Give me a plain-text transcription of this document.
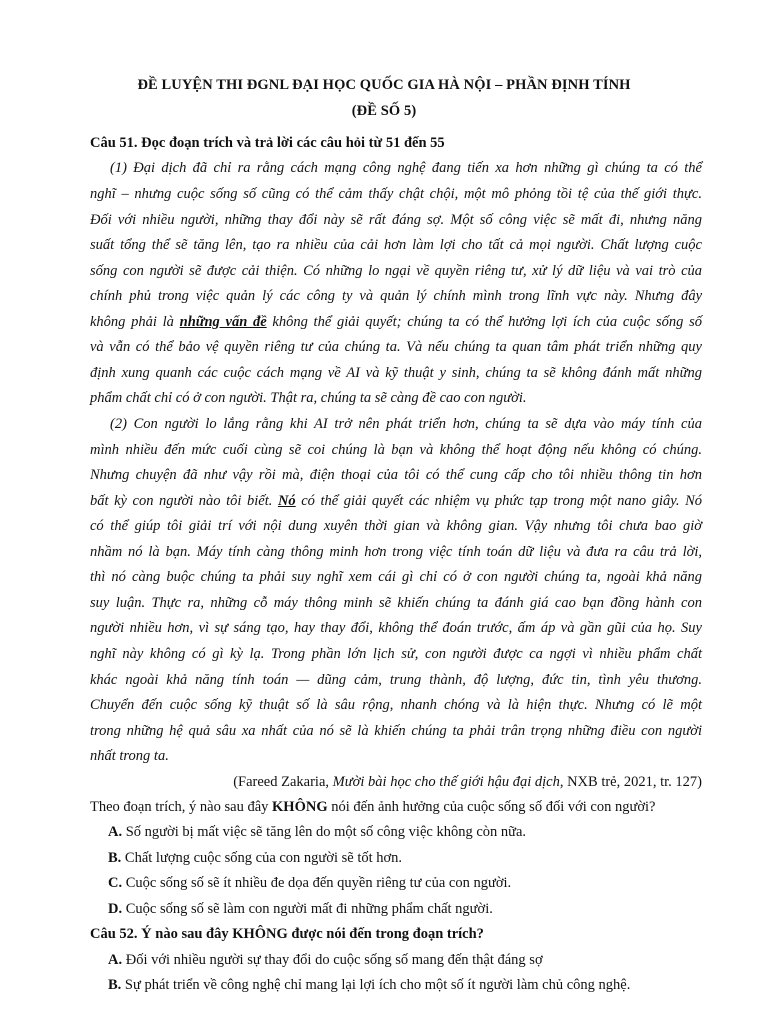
ĐỀ LUYỆN THI ĐGNL ĐẠI HỌC QUỐC GIA HÀ NỘI – PHẦN ĐỊNH TÍNH
(ĐỀ SỐ 5)
Câu 51. Đọc đoạn trích và trả lời các câu hỏi từ 51 đến 55
(1) Đại dịch đã chỉ ra rằng cách mạng công nghệ đang tiến xa hơn những gì chúng ta có thể
nghĩ – nhưng cuộc sống số cũng có thể cảm thấy chật chội, một mô phỏng tồi tệ của thế giới thực.
Đối với nhiều người, những thay đổi này sẽ rất đáng sợ. Một số công việc sẽ mất đi, nhưng năng
suất tổng thể sẽ tăng lên, tạo ra nhiều của cải hơn làm lợi cho tất cả mọi người. Chất lượng cuộc
sống con người sẽ được cải thiện. Có những lo ngại về quyền riêng tư, xử lý dữ liệu và vai trò của
chính phủ trong việc quản lý các công ty và quản lý chính mình trong lĩnh vực này. Nhưng đây
không phải là những vấn đề không thể giải quyết; chúng ta có thể hưởng lợi ích của cuộc sống số
và vẫn có thể bảo vệ quyền riêng tư của chúng ta. Và nếu chúng ta quan tâm phát triển những quy
định xung quanh các cuộc cách mạng về AI và kỹ thuật y sinh, chúng ta sẽ không đánh mất những
phẩm chất chỉ có ở con người. Thật ra, chúng ta sẽ càng đề cao con người.
(2) Con người lo lắng rằng khi AI trở nên phát triển hơn, chúng ta sẽ dựa vào máy tính của
mình nhiều đến mức cuối cùng sẽ coi chúng là bạn và không thể hoạt động nếu không có chúng.
Nhưng chuyện đã như vậy rồi mà, điện thoại của tôi có thể cung cấp cho tôi nhiều thông tin hơn
bất kỳ con người nào tôi biết. Nó có thể giải quyết các nhiệm vụ phức tạp trong một nano giây. Nó
có thể giúp tôi giải trí với nội dung xuyên thời gian và không gian. Vậy nhưng tôi chưa bao giờ
nhầm nó là bạn. Máy tính càng thông minh hơn trong việc tính toán dữ liệu và đưa ra câu trả lời,
thì nó càng buộc chúng ta phải suy nghĩ xem cái gì chỉ có ở con người chúng ta, ngoài khả năng
suy luận. Thực ra, những cỗ máy thông minh sẽ khiến chúng ta đánh giá cao bạn đồng hành con
người nhiều hơn, vì sự sáng tạo, hay thay đổi, không thể đoán trước, ấm áp và gần gũi của họ. Suy
nghĩ này không có gì kỳ lạ. Trong phần lớn lịch sử, con người được ca ngợi vì nhiều phẩm chất
khác ngoài khả năng tính toán — dũng cảm, trung thành, độ lượng, đức tin, tình yêu thương.
Chuyển đến cuộc sống kỹ thuật số là sâu rộng, nhanh chóng và là hiện thực. Nhưng có lẽ một
trong những hệ quả sâu xa nhất của nó sẽ là khiến chúng ta phải trân trọng những điều con người
nhất trong ta.
(Fareed Zakaria, Mười bài học cho thế giới hậu đại dịch, NXB trẻ, 2021, tr. 127)
Theo đoạn trích, ý nào sau đây KHÔNG nói đến ảnh hưởng của cuộc sống số đối với con người?
A. Số người bị mất việc sẽ tăng lên do một số công việc không còn nữa.
B. Chất lượng cuộc sống của con người sẽ tốt hơn.
C. Cuộc sống số sẽ ít nhiều đe dọa đến quyền riêng tư của con người.
D. Cuộc sống số sẽ làm con người mất đi những phẩm chất người.
Câu 52. Ý nào sau đây KHÔNG được nói đến trong đoạn trích?
A. Đối với nhiều người sự thay đổi do cuộc sống số mang đến thật đáng sợ
B. Sự phát triển về công nghệ chỉ mang lại lợi ích cho một số ít người làm chủ công nghệ.
